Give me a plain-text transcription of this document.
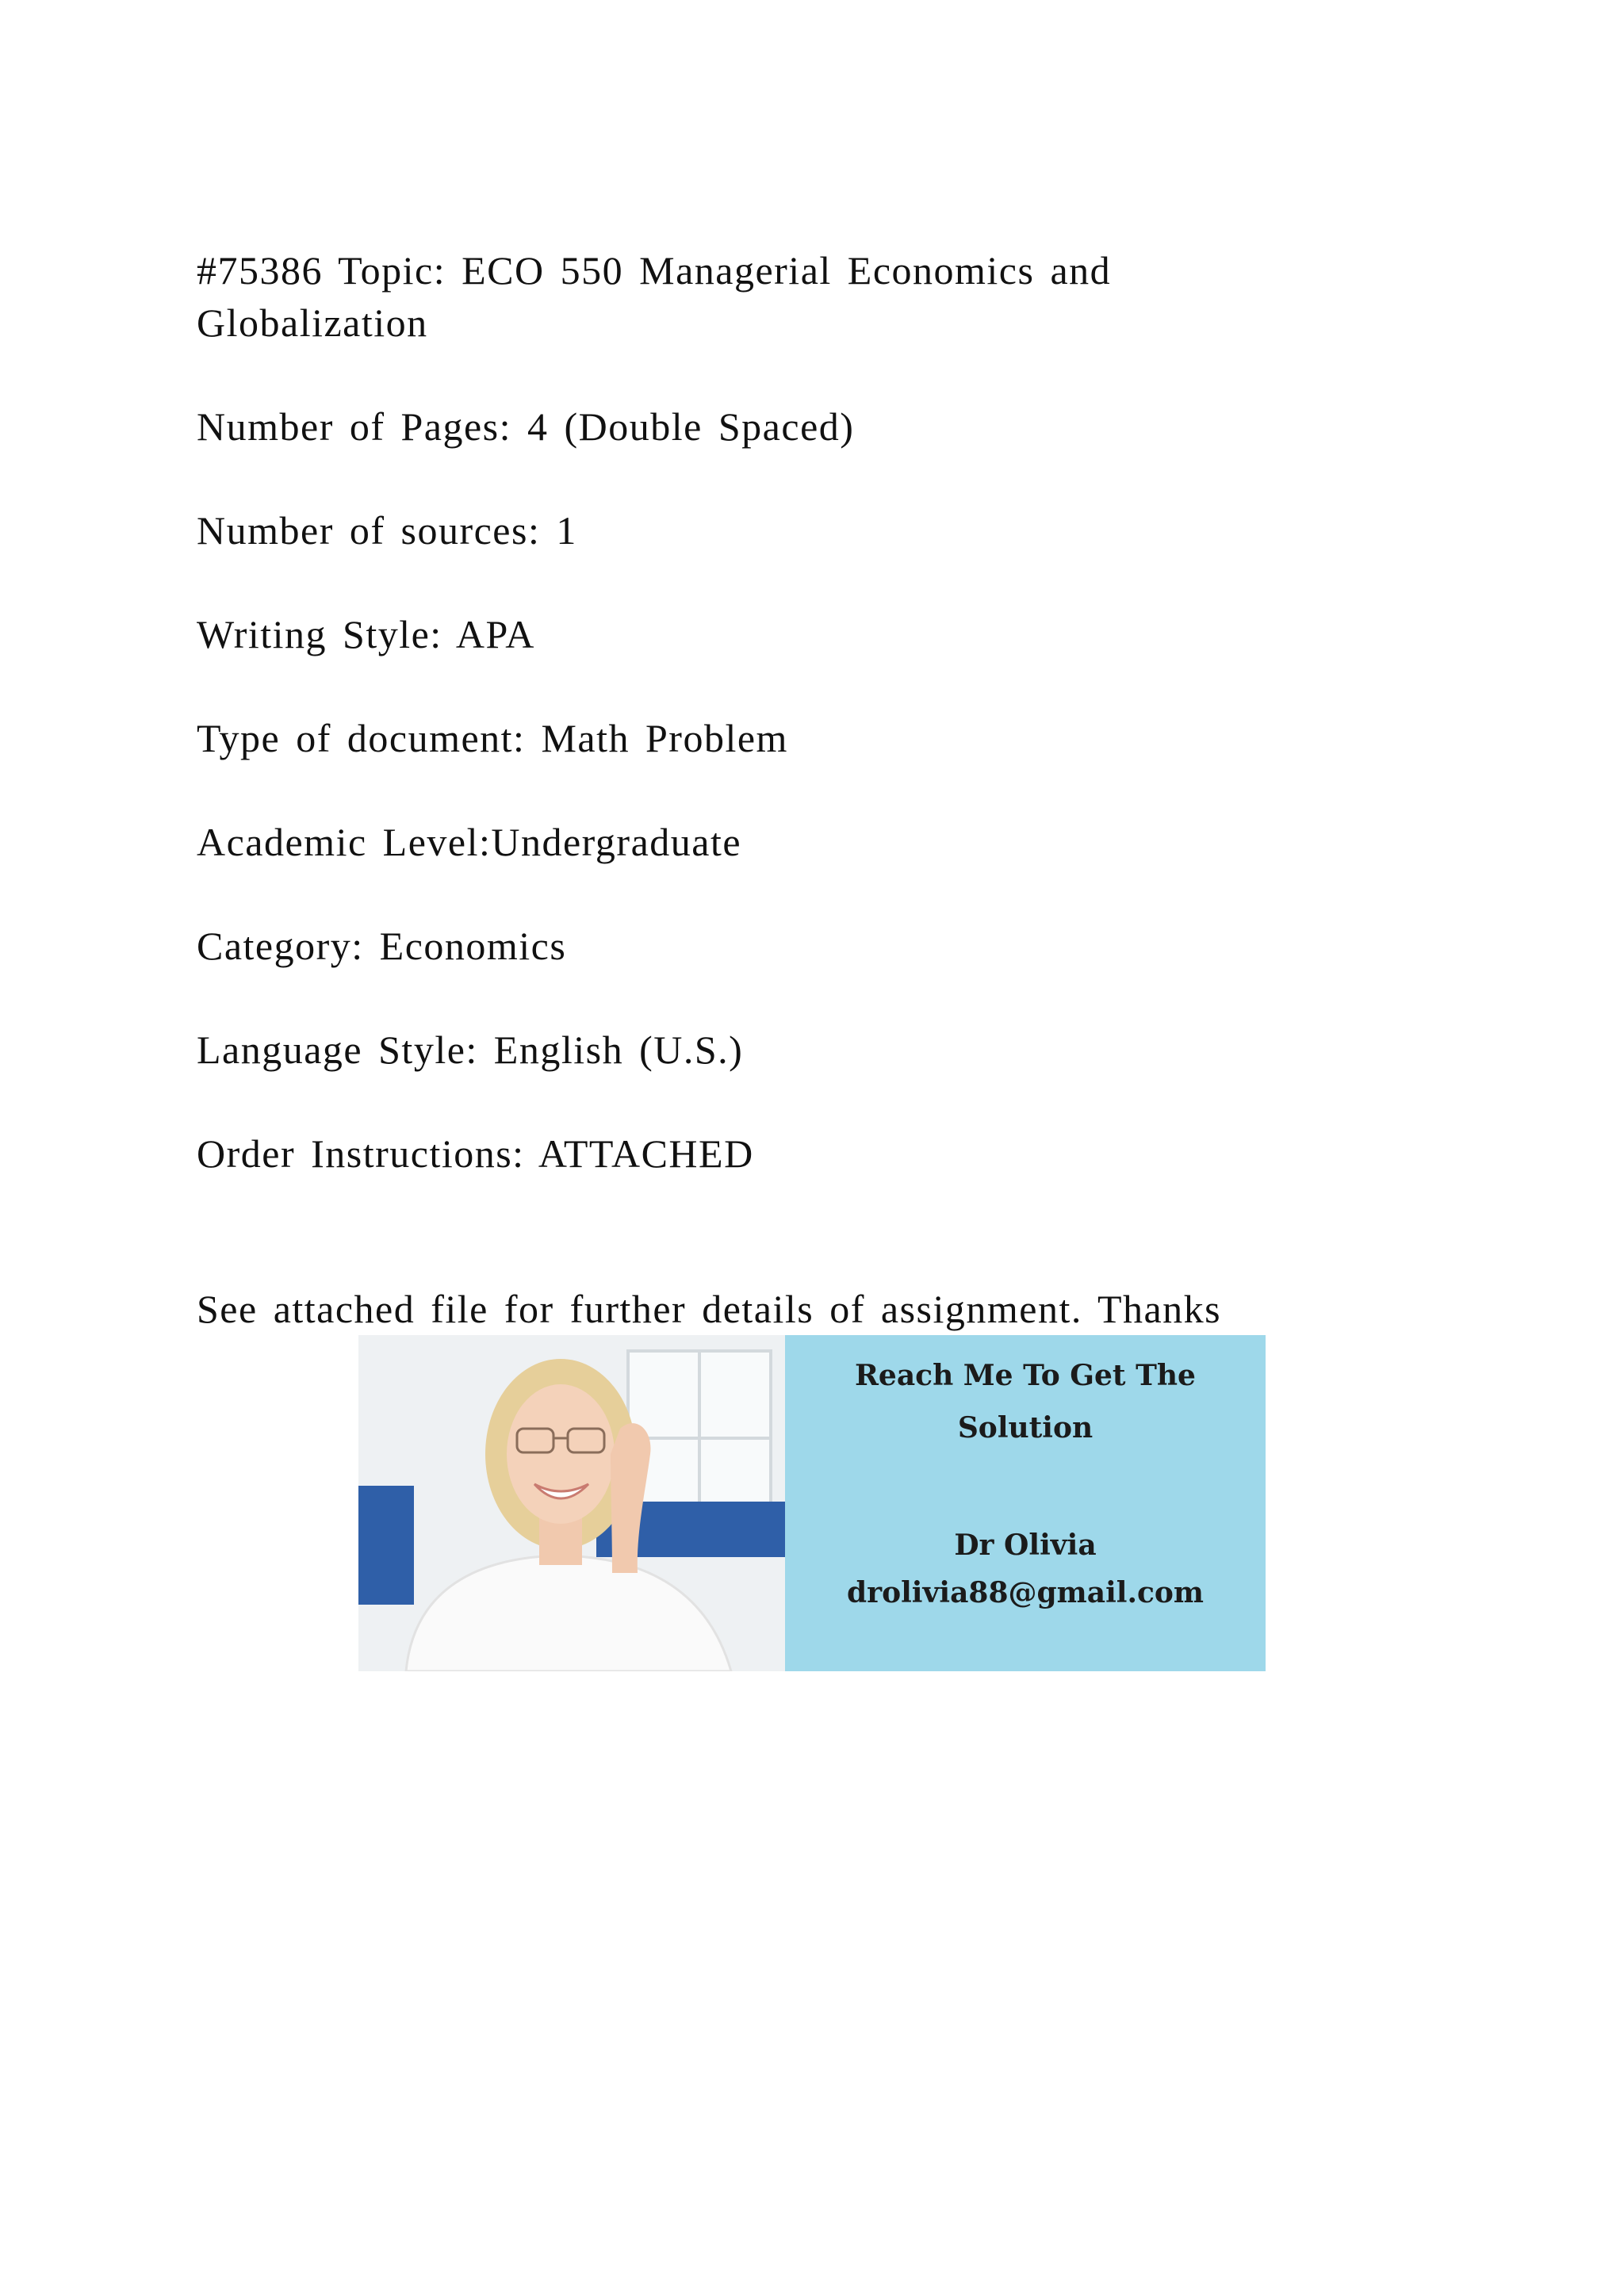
#75386 Topic: ECO 550 Managerial Economics and

Globalization

Number of Pages: 4 (Double Spaced)

Number of sources: 1

Writing Style: APA

Type of document: Math Problem

Academic Level:Undergraduate

Category: Economics

Language Style: English (U.S.)

Order Instructions: ATTACHED

See attached file for further details of assignment. Thanks

Reach Me To Get The

Solution

Dr Olivia

drolivia88@gmail.com
